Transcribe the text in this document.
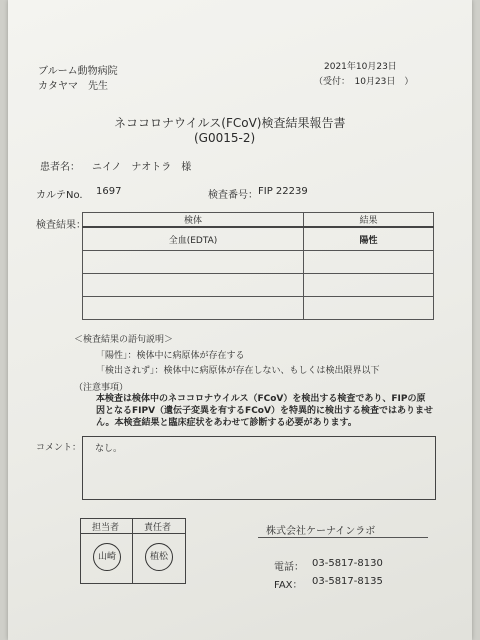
ブルーム動物病院
カタヤマ　先生
2021年10月23日
（受付：　10月23日　）
ネココロナウイルス(FCoV)検査結果報告書
(G0015-2)
患者名： ニイノ　ナオトラ　様
カルテNo. 1697	検査番号： FIP 22239
検査結果：	検体	結果
全血(EDTA)	陽性

＜検査結果の語句説明＞
「陽性」：検体中に病原体が存在する
「検出されず」：検体中に病原体が存在しない、もしくは検出限界以下
（注意事項）
本検査は検体中のネココロナウイルス（FCoV）を検出する検査であり、FIPの原因となるFIPV（遺伝子変異を有するFCoV）を特異的に検出する検査ではありません。本検査結果と臨床症状をあわせて診断する必要があります。
コメント： なし。
担当者	責任者
山崎	植松
株式会社ケーナインラボ
電話： 03-5817-8130
FAX： 03-5817-8135
